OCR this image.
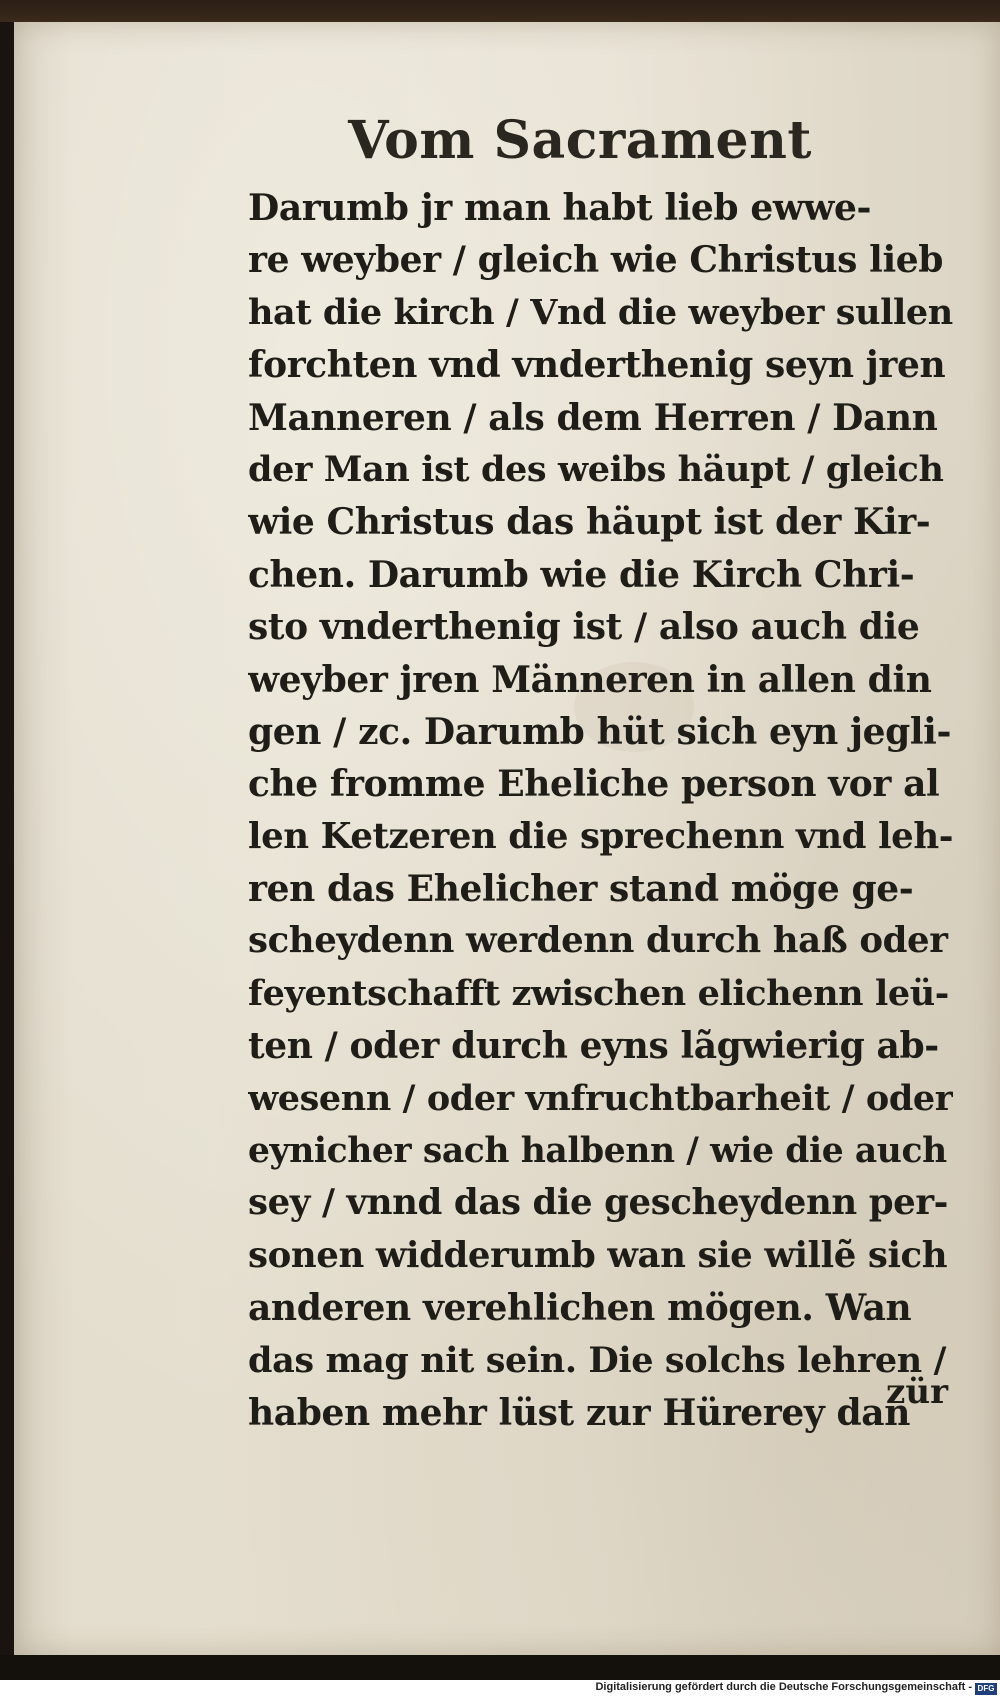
Vom Sacrament
Darumb jr man habt lieb ewwe-
re weyber / gleich wie Christus lieb
hat die kirch / Vnd die weyber sullen
forchten vnd vnderthenig seyn jren
Manneren / als dem Herren / Dann
der Man ist des weibs häupt / gleich
wie Christus das häupt ist der Kir-
chen. Darumb wie die Kirch Chri-
sto vnderthenig ist / also auch die
weyber jren Männeren in allen din
gen / zc. Darumb hüt sich eyn jegli-
che fromme Eheliche person vor al
len Ketzeren die sprechenn vnd leh-
ren das Ehelicher stand möge ge-
scheydenn werdenn durch haß oder
feyentschafft zwischen elichenn leü-
ten / oder durch eyns lãgwierig ab-
wesenn / oder vnfruchtbarheit / oder
eynicher sach halbenn / wie die auch
sey / vnnd das die gescheydenn per-
sonen widderumb wan sie willẽ sich
anderen verehlichen mögen. Wan
das mag nit sein. Die solchs lehren /
haben mehr lüst zur Hürerey dan
zür
Digitalisierung gefördert durch die Deutsche Forschungsgemeinschaft - DFG
